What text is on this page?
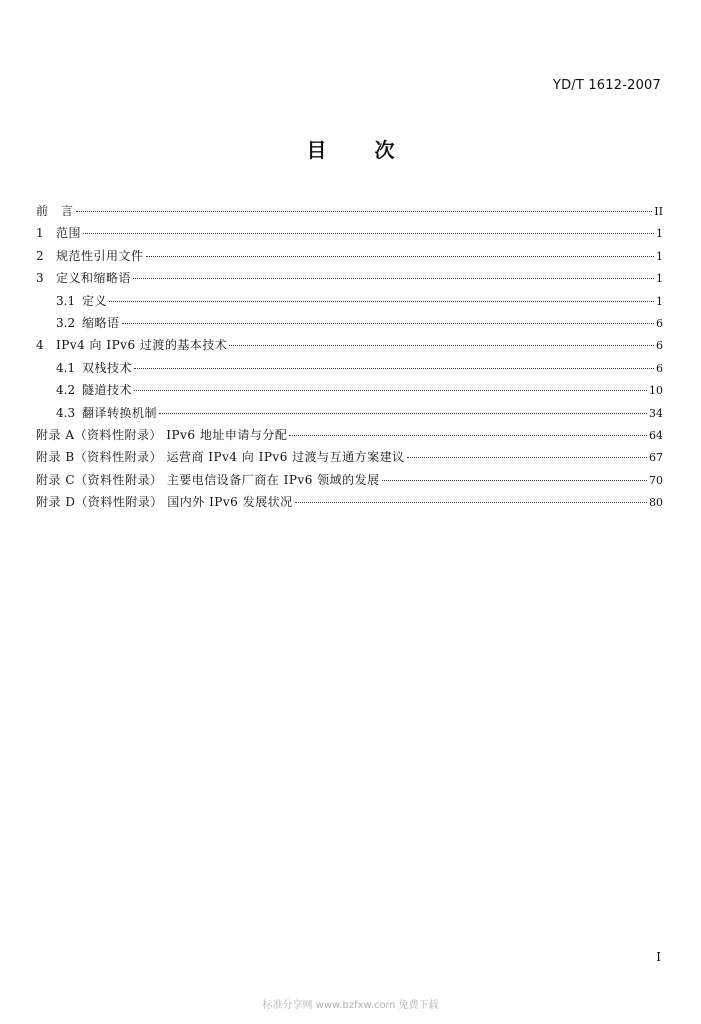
YD/T 1612-2007
目 次
前　言	II
1	范围	1
2	规范性引用文件	1
3	定义和缩略语	1
3.1 定义	1
3.2 缩略语	6
4	IPv4 向 IPv6 过渡的基本技术	6
4.1 双栈技术	6
4.2 隧道技术	10
4.3 翻译转换机制	34
附录 A（资料性附录） IPv6 地址申请与分配	64
附录 B（资料性附录） 运营商 IPv4 向 IPv6 过渡与互通方案建议	67
附录 C（资料性附录） 主要电信设备厂商在 IPv6 领域的发展	70
附录 D（资料性附录） 国内外 IPv6 发展状况	80
I
标准分享网 www.bzfxw.com 免费下载
